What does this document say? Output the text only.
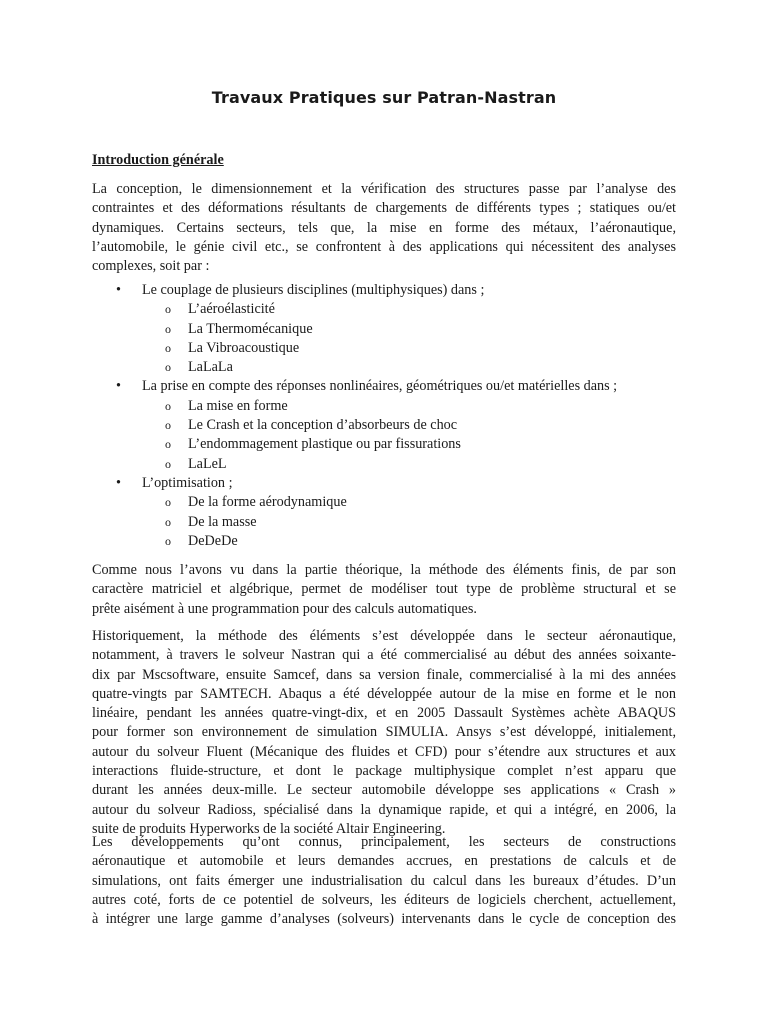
Travaux Pratiques sur Patran-Nastran
Introduction générale

La conception, le dimensionnement et la vérification des structures passe par l’analyse des
contraintes et des déformations résultants de chargements de différents types ; statiques ou/et
dynamiques. Certains secteurs, tels que, la mise en forme des métaux, l’aéronautique,
l’automobile, le génie civil etc., se confrontent à des applications qui nécessitent des analyses
complexes, soit par :

• Le couplage de plusieurs disciplines (multiphysiques) dans ;
o L’aéroélasticité
o La Thermomécanique
o La Vibroacoustique
o LaLaLa
• La prise en compte des réponses nonlinéaires, géométriques ou/et matérielles dans ;
o La mise en forme
o Le Crash et la conception d’absorbeurs de choc
o L’endommagement plastique ou par fissurations
o LaLeL
• L’optimisation ;
o De la forme aérodynamique
o De la masse
o DeDeDe

Comme nous l’avons vu dans la partie théorique, la méthode des éléments finis, de par son
caractère matriciel et algébrique, permet de modéliser tout type de problème structural et se
prête aisément à une programmation pour des calculs automatiques.

Historiquement, la méthode des éléments s’est développée dans le secteur aéronautique,
notamment, à travers le solveur Nastran qui a été commercialisé au début des années soixante-
dix par Mscsoftware, ensuite Samcef, dans sa version finale, commercialisé à la mi des années
quatre-vingts par SAMTECH. Abaqus a été développée autour de la mise en forme et le non
linéaire, pendant les années quatre-vingt-dix, et en 2005 Dassault Systèmes achète ABAQUS
pour former son environnement de simulation SIMULIA. Ansys s’est développé, initialement,
autour du solveur Fluent (Mécanique des fluides et CFD) pour s’étendre aux structures et aux
interactions fluide-structure, et dont le package multiphysique complet n’est apparu que
durant les années deux-mille. Le secteur automobile développe ses applications « Crash »
autour du solveur Radioss, spécialisé dans la dynamique rapide, et qui a intégré, en 2006, la
suite de produits Hyperworks de la société Altair Engineering.

Les développements qu’ont connus, principalement, les secteurs de constructions
aéronautique et automobile et leurs demandes accrues, en prestations de calculs et de
simulations, ont faits émerger une industrialisation du calcul dans les bureaux d’études. D’un
autres coté, forts de ce potentiel de solveurs, les éditeurs de logiciels cherchent, actuellement,
à intégrer une large gamme d’analyses (solveurs) intervenants dans le cycle de conception des
